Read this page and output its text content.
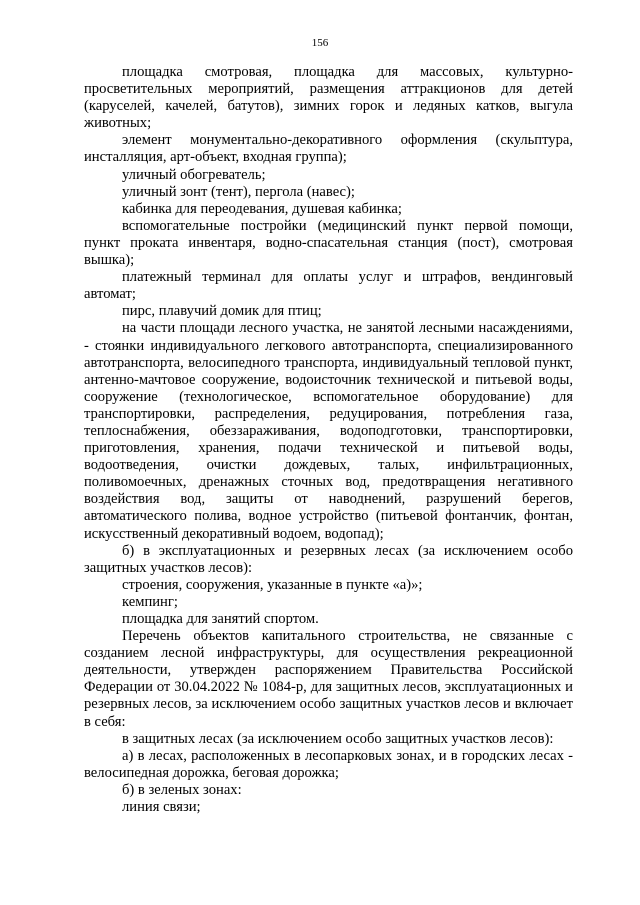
156

площадка смотровая, площадка для массовых, культурно-просветительных мероприятий, размещения аттракционов для детей (каруселей, качелей, батутов), зимних горок и ледяных катков, выгула животных;

элемент монументально-декоративного оформления (скульптура, инсталляция, арт-объект, входная группа);

уличный обогреватель;

уличный зонт (тент), пергола (навес);

кабинка для переодевания, душевая кабинка;

вспомогательные постройки (медицинский пункт первой помощи, пункт проката инвентаря, водно-спасательная станция (пост), смотровая вышка);

платежный терминал для оплаты услуг и штрафов, вендинговый автомат;

пирс, плавучий домик для птиц;

на части площади лесного участка, не занятой лесными насаждениями, - стоянки индивидуального легкового автотранспорта, специализированного автотранспорта, велосипедного транспорта, индивидуальный тепловой пункт, антенно-мачтовое сооружение, водоисточник технической и питьевой воды, сооружение (технологическое, вспомогательное оборудование) для транспортировки, распределения, редуцирования, потребления газа, теплоснабжения, обеззараживания, водоподготовки, транспортировки, приготовления, хранения, подачи технической и питьевой воды, водоотведения, очистки дождевых, талых, инфильтрационных, поливомоечных, дренажных сточных вод, предотвращения негативного воздействия вод, защиты от наводнений, разрушений берегов, автоматического полива, водное устройство (питьевой фонтанчик, фонтан, искусственный декоративный водоем, водопад);

б) в эксплуатационных и резервных лесах (за исключением особо защитных участков лесов):

строения, сооружения, указанные в пункте «а)»;

кемпинг;

площадка для занятий спортом.

Перечень объектов капитального строительства, не связанные с созданием лесной инфраструктуры, для осуществления рекреационной деятельности, утвержден распоряжением Правительства Российской Федерации от 30.04.2022 № 1084-р, для защитных лесов, эксплуатационных и резервных лесов, за исключением особо защитных участков лесов и включает в себя:

в защитных лесах (за исключением особо защитных участков лесов):

а) в лесах, расположенных в лесопарковых зонах, и в городских лесах - велосипедная дорожка, беговая дорожка;

б) в зеленых зонах:

линия связи;
